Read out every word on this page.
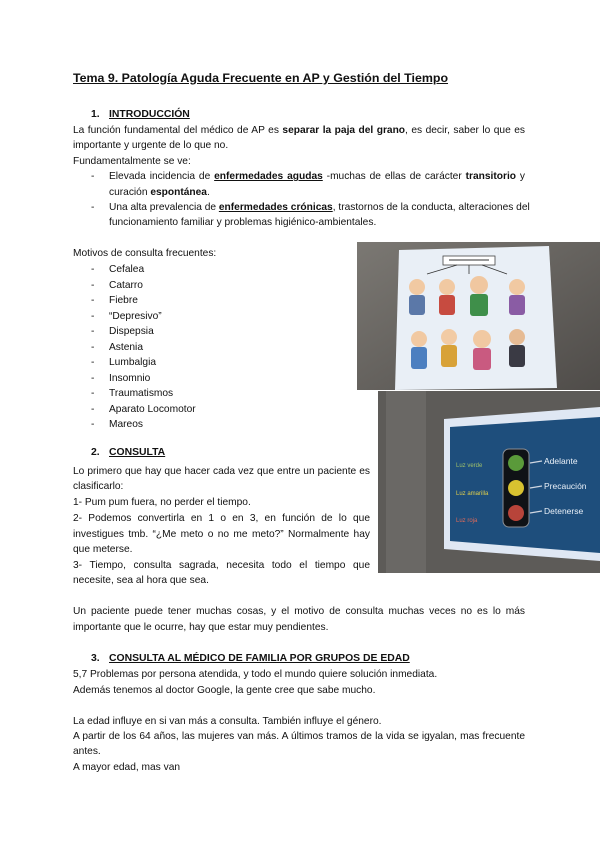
Tema 9. Patología Aguda Frecuente en AP y Gestión del Tiempo
1. INTRODUCCIÓN
La función fundamental del médico de AP es separar la paja del grano, es decir, saber lo que es
importante y urgente de lo que no.
Fundamentalmente se ve:
- Elevada incidencia de enfermedades agudas -muchas de ellas de carácter transitorio y
curación espontánea.
- Una alta prevalencia de enfermedades crónicas, trastornos de la conducta, alteraciones del
funcionamiento familiar y problemas higiénico-ambientales.
Motivos de consulta frecuentes:
- Cefalea
- Catarro
- Fiebre
- “Depresivo”
- Dispepsia
- Astenia
- Lumbalgia
- Insomnio
- Traumatismos
- Aparato Locomotor
- Mareos
Luz verde
Luz amarilla
Luz roja
Adelante
Precaución
Detenerse
2. CONSULTA
Lo primero que hay que hacer cada vez que entre un paciente es
clasificarlo:
1- Pum pum fuera, no perder el tiempo.
2- Podemos convertirla en 1 o en 3, en función de lo que
investigues tmb. “¿Me meto o no me meto?” Normalmente hay
que meterse.
3- Tiempo, consulta sagrada, necesita todo el tiempo que
necesite, sea al hora que sea.
Un paciente puede tener muchas cosas, y el motivo de consulta muchas veces no es lo más
importante que le ocurre, hay que estar muy pendientes.
3. CONSULTA AL MÉDICO DE FAMILIA POR GRUPOS DE EDAD
5,7 Problemas por persona atendida, y todo el mundo quiere solución inmediata.
Además tenemos al doctor Google, la gente cree que sabe mucho.
La edad influye en si van más a consulta. También influye el género.
A partir de los 64 años, las mujeres van más. A últimos tramos de la vida se igyalan, mas frecuente
antes.
A mayor edad, mas van
